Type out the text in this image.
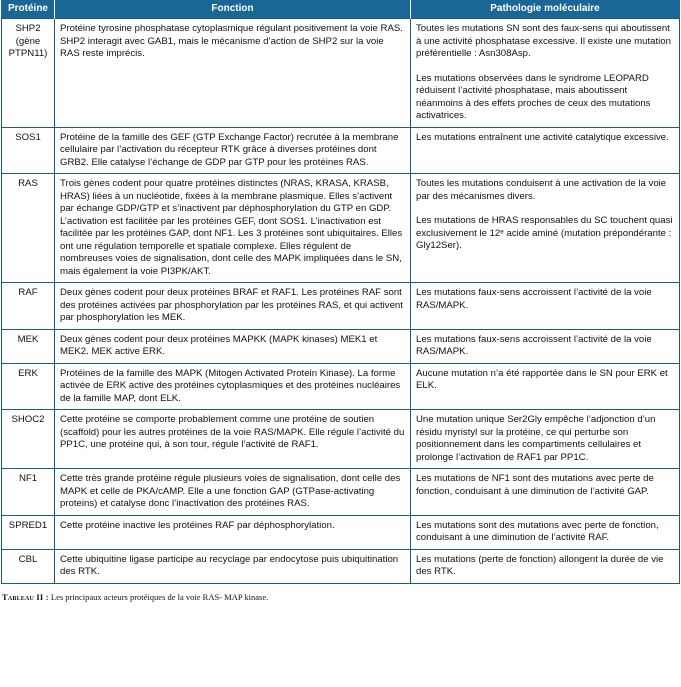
Protéine	Fonction	Pathologie moléculaire
SHP2 (gène PTPN11)	Protéine tyrosine phosphatase cytoplasmique régulant positivement la voie RAS. SHP2 interagit avec GAB1, mais le mécanisme d’action de SHP2 sur la voie RAS reste imprécis.	Toutes les mutations SN sont des faux-sens qui aboutissent à une activité phosphatase excessive. Il existe une mutation préférentielle : Asn308Asp.
Les mutations observées dans le syndrome LEOPARD réduisent l’activité phosphatase, mais aboutissent néanmoins à des effets proches de ceux des mutations activatrices.

SOS1	Protéine de la famille des GEF (GTP Exchange Factor) recrutée à la membrane cellulaire par l’activation du récepteur RTK grâce à diverses protéines dont GRB2. Elle catalyse l’échange de GDP par GTP pour les protéines RAS.	Les mutations entraînent une activité catalytique excessive.

RAS	Trois gènes codent pour quatre protéines distinctes (NRAS, KRASA, KRASB, HRAS) liées à un nucléotide, fixées à la membrane plasmique. Elles s’activent par échange GDP/GTP et s’inactivent par déphosphorylation du GTP en GDP. L’activation est facilitée par les protéines GEF, dont SOS1. L’inactivation est facilitée par les protéines GAP, dont NF1. Les 3 protéines sont ubiquitaires. Elles ont une régulation temporelle et spatiale complexe. Elles régulent de nombreuses voies de signalisation, dont celle des MAPK impliquées dans le SN, mais également la voie PI3PK/AKT.	
Toutes les mutations conduisent à une activation de la voie par des mécanismes divers.
Les mutations de HRAS responsables du SC touchent quasi exclusivement le 12ᵉ acide aminé (mutation prépondérante : Gly12Ser).

RAF	Deux gènes codent pour deux protéines BRAF et RAF1. Les protéines RAF sont des protéines activées par phosphorylation par les protéines RAS, et qui activent par phosphorylation les MEK.	Les mutations faux-sens accroissent l’activité de la voie RAS/MAPK.

MEK	Deux gènes codent pour deux protéines MAPKK (MAPK kinases) MEK1 et MEK2. MEK active ERK.	Les mutations faux-sens accroissent l’activité de la voie RAS/MAPK.

ERK	Protéines de la famille des MAPK (Mitogen Activated Protein Kinase). La forme activée de ERK active des protéines cytoplasmiques et des protéines nucléaires de la famille MAP, dont ELK.	Aucune mutation n’a été rapportée dans le SN pour ERK et ELK.

SHOC2	Cette protéine se comporte probablement comme une protéine de soutien (scaffold) pour les autres protéines de la voie RAS/MAPK. Elle régule l’activité du PP1C, une protéine qui, à son tour, régule l’activité de RAF1.	Une mutation unique Ser2Gly empêche l’adjonction d’un résidu myristyl sur la protéine, ce qui perturbe son positionnement dans les compartiments cellulaires et prolonge l’activation de RAF1 par PP1C.

NF1	Cette très grande protéine régule plusieurs voies de signalisation, dont celle des MAPK et celle de PKA/cAMP. Elle a une fonction GAP (GTPase-activating proteins) et catalyse donc l’inactivation des protéines RAS.	Les mutations de NF1 sont des mutations avec perte de fonction, conduisant à une diminution de l’activité GAP.

SPRED1	Cette protéine inactive les protéines RAF par déphosphorylation.	Les mutations sont des mutations avec perte de fonction, conduisant à une diminution de l’activité RAF.

CBL	Cette ubiquitine ligase participe au recyclage par endocytose puis ubiquitination des RTK.	Les mutations (perte de fonction) allongent la durée de vie des RTK.
Tableau II : Les principaux acteurs protéiques de la voie RAS- MAP kinase.
